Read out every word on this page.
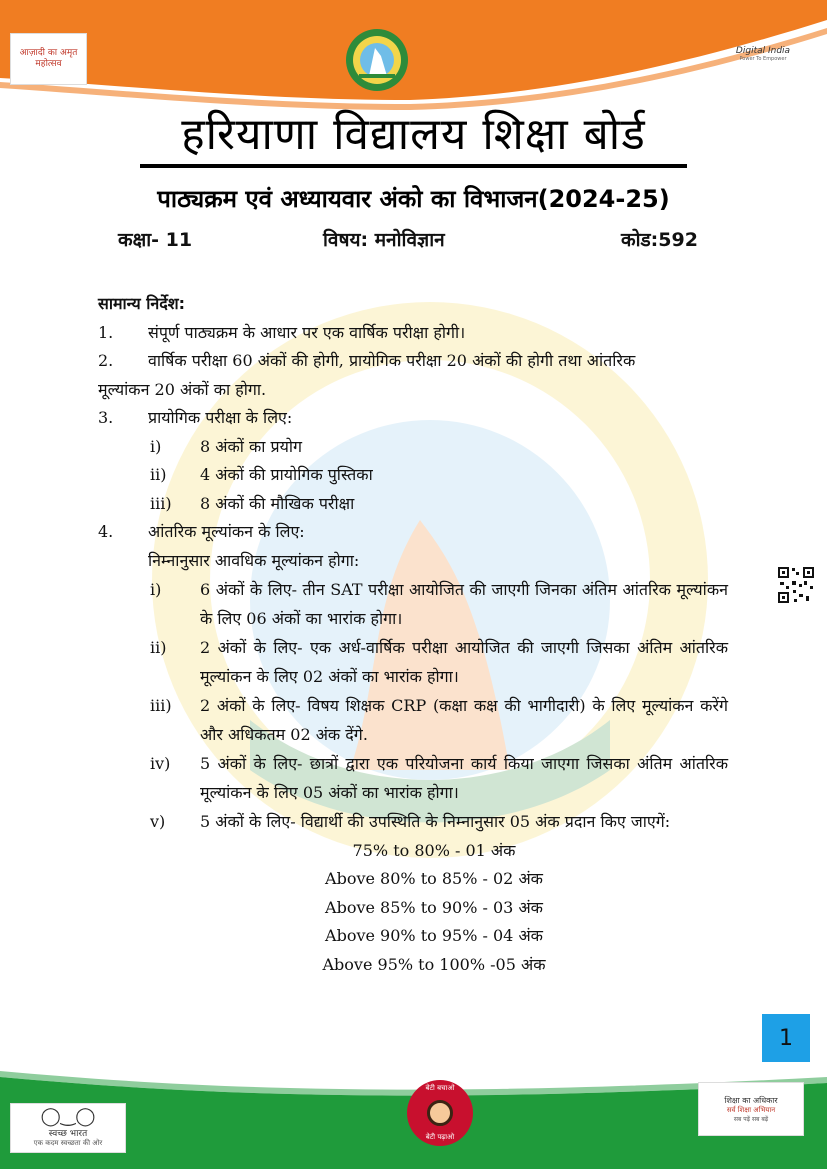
आज़ादी का अमृत महोत्सव
Digital India
Power To Empower
हरियाणा विद्यालय शिक्षा बोर्ड
पाठ्यक्रम एवं अध्यायवार अंको का विभाजन(2024-25)
कक्षा- 11	विषय: मनोविज्ञान	कोड:592
सामान्य निर्देश:
1.	संपूर्ण पाठ्यक्रम के आधार पर एक वार्षिक परीक्षा होगी।
2.	वार्षिक परीक्षा 60 अंकों की होगी, प्रायोगिक परीक्षा 20 अंकों की होगी तथा आंतरिक
मूल्यांकन 20 अंकों का होगा.
3.	प्रायोगिक परीक्षा के लिए:
i)	8 अंकों का प्रयोग
ii)	4 अंकों की प्रायोगिक पुस्तिका
iii)	8 अंकों की मौखिक परीक्षा
4.	आंतरिक मूल्यांकन के लिए:
निम्नानुसार आवधिक मूल्यांकन होगा:
i)	6 अंकों के लिए- तीन SAT परीक्षा आयोजित की जाएगी जिनका अंतिम आंतरिक मूल्यांकन के लिए 06 अंकों का भारांक होगा।
ii)	2 अंकों के लिए- एक अर्ध-वार्षिक परीक्षा आयोजित की जाएगी जिसका अंतिम आंतरिक मूल्यांकन के लिए 02 अंकों का भारांक होगा।
iii)	2 अंकों के लिए- विषय शिक्षक CRP (कक्षा कक्ष की भागीदारी) के लिए मूल्यांकन करेंगे और अधिकतम 02 अंक देंगे.
iv)	5 अंकों के लिए- छात्रों द्वारा एक परियोजना कार्य किया जाएगा जिसका अंतिम आंतरिक मूल्यांकन के लिए 05 अंकों का भारांक होगा।
v)	5 अंकों के लिए- विद्यार्थी की उपस्थिति के निम्नानुसार 05 अंक प्रदान किए जाएगें:
75% to 80% - 01 अंक
Above 80% to 85% - 02 अंक
Above 85% to 90% - 03 अंक
Above 90% to 95% - 04 अंक
Above 95% to 100% -05 अंक
1
◯‿◯
स्वच्छ भारत
एक कदम स्वच्छता की ओर
बेटी बचाओ
बेटी पढ़ाओ
शिक्षा का अधिकार
सर्व शिक्षा अभियान
सब पढ़ें सब बढ़ें
